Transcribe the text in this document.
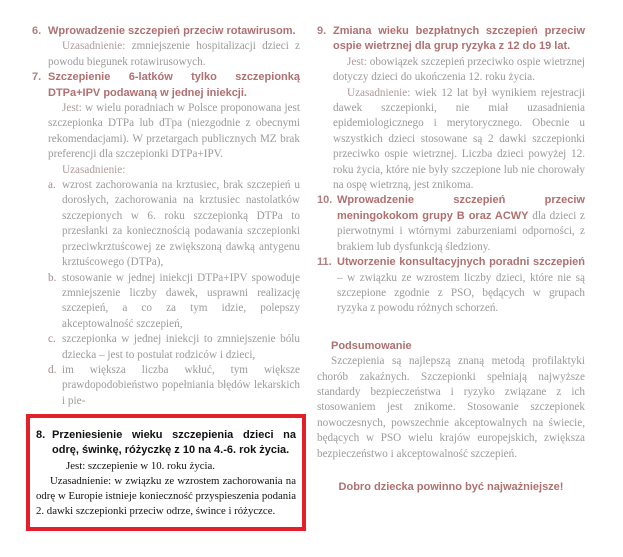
6. Wprowadzenie szczepień przeciw rotawirusom.

Uzasadnienie: zmniejszenie hospitalizacji dzieci z powodu biegunek rotawirusowych.

7. Szczepienie 6-latków tylko szczepionką DTPa+IPV podawaną w jednej iniekcji.

Jest: w wielu poradniach w Polsce proponowana jest szczepionka DTPa lub dTpa (niezgodnie z obecnymi rekomendacjami). W przetargach publicznych MZ brak preferencji dla szczepionki DTPa+IPV.

Uzasadnienie:

a. wzrost zachorowania na krztusiec, brak szczepień u dorosłych, zachorowania na krztusiec nastolatków szczepionych w 6. roku szczepionką DTPa to przesłanki za koniecznością podawania szczepionki przeciwkrztuścowej ze zwiększoną dawką antygenu krztuścowego (DTPa),

b. stosowanie w jednej iniekcji DTPa+IPV spowoduje zmniejszenie liczby dawek, usprawni realizację szczepień, a co za tym idzie, polepszy akceptowalność szczepień,

c. szczepionka w jednej iniekcji to zmniejszenie bólu dziecka – jest to postulat rodziców i dzieci,

d. im większa liczba wkłuć, tym większe prawdopodobieństwo popełniania błędów lekarskich i pie-

8. Przeniesienie wieku szczepienia dzieci na odrę, świnkę, różyczkę z 10 na 4.-6. rok życia.

Jest: szczepienie w 10. roku życia.

Uzasadnienie: w związku ze wzrostem zachorowania na odrę w Europie istnieje konieczność przyspieszenia podania 2. dawki szczepionki przeciw odrze, śwince i różyczce.

9. Zmiana wieku bezpłatnych szczepień przeciw ospie wietrznej dla grup ryzyka z 12 do 19 lat.

Jest: obowiązek szczepień przeciwko ospie wietrznej dotyczy dzieci do ukończenia 12. roku życia.

Uzasadnienie: wiek 12 lat był wynikiem rejestracji dawek szczepionki, nie miał uzasadnienia epidemiologicznego i merytorycznego. Obecnie u wszystkich dzieci stosowane są 2 dawki szczepionki przeciwko ospie wietrznej. Liczba dzieci powyżej 12. roku życia, które nie były szczepione lub nie chorowały na ospę wietrzną, jest znikoma.

10. Wprowadzenie szczepień przeciw meningokokom grupy B oraz ACWY dla dzieci z pierwotnymi i wtórnymi zaburzeniami odporności, z brakiem lub dysfunkcją śledziony.

11. Utworzenie konsultacyjnych poradni szczepień – w związku ze wzrostem liczby dzieci, które nie są szczepione zgodnie z PSO, będących w grupach ryzyka z powodu różnych schorzeń.

Podsumowanie

Szczepienia są najlepszą znaną metodą profilaktyki chorób zakaźnych. Szczepionki spełniają najwyższe standardy bezpieczeństwa i ryzyko związane z ich stosowaniem jest znikome. Stosowanie szczepionek nowoczesnych, powszechnie akceptowalnych na świecie, będących w PSO wielu krajów europejskich, zwiększa bezpieczeństwo i akceptowalność szczepień.

Dobro dziecka powinno być najważniejsze!
